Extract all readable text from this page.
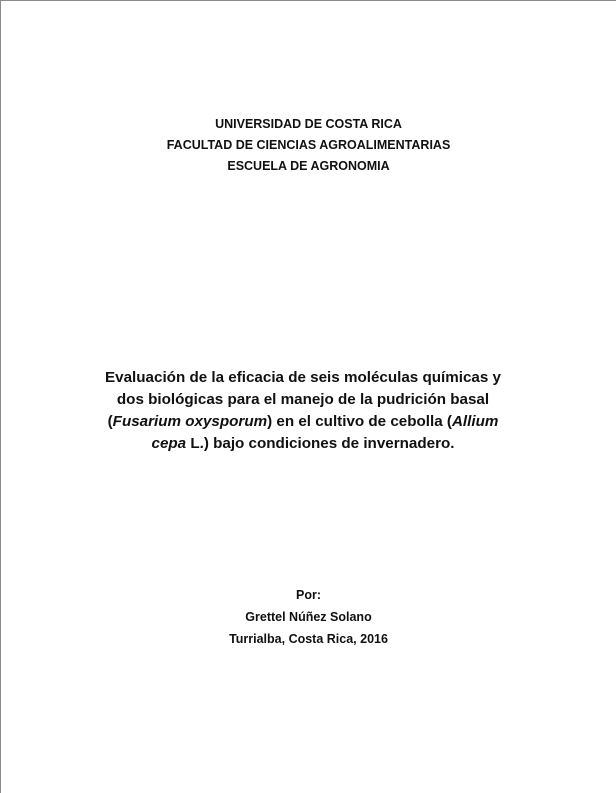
UNIVERSIDAD DE COSTA RICA
FACULTAD DE CIENCIAS AGROALIMENTARIAS
ESCUELA DE AGRONOMIA
Evaluación de la eficacia de seis moléculas químicas y dos biológicas para el manejo de la pudrición basal (Fusarium oxysporum) en el cultivo de cebolla (Allium cepa L.) bajo condiciones de invernadero.
Por:
Grettel Núñez Solano
Turrialba, Costa Rica, 2016
